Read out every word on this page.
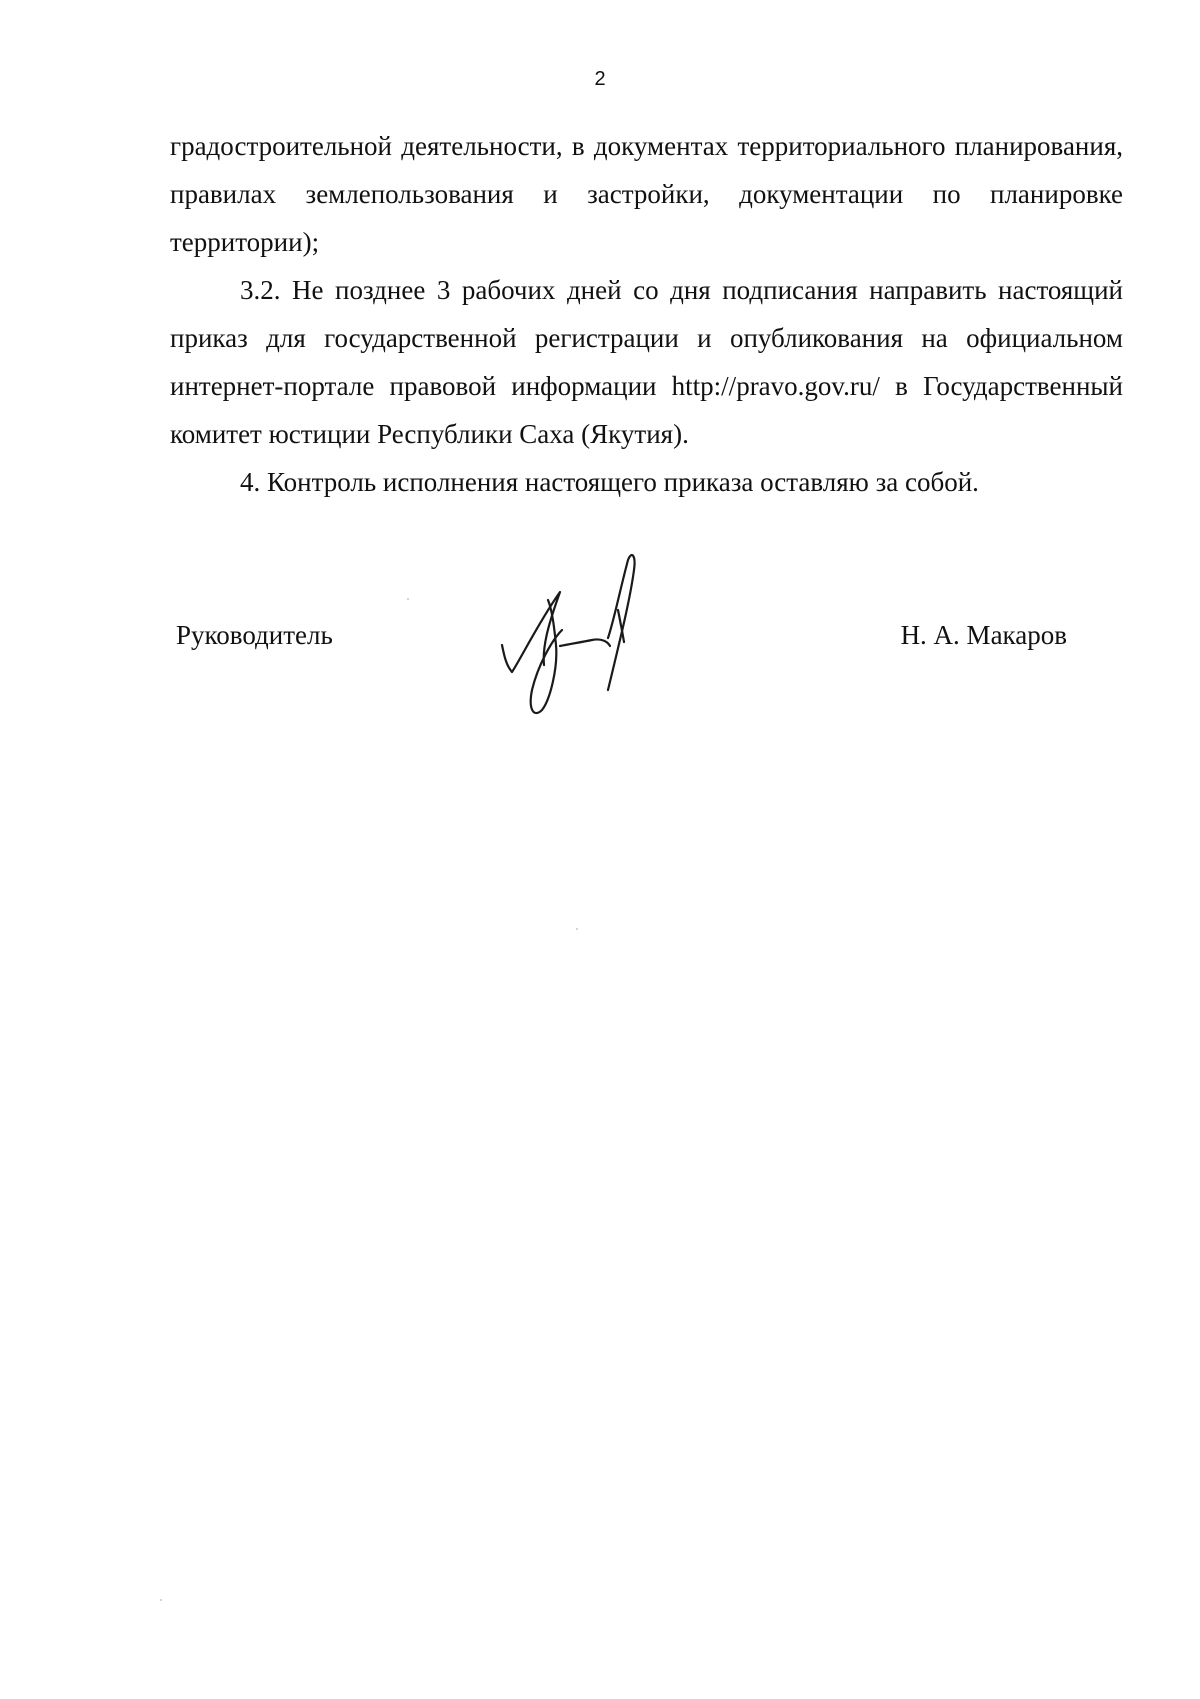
2

градостроительной деятельности, в документах территориального планирования, правилах землепользования и застройки, документации по планировке территории);

3.2. Не позднее 3 рабочих дней со дня подписания направить настоящий приказ для государственной регистрации и опубликования на официальном интернет-портале правовой информации http://pravo.gov.ru/ в Государственный комитет юстиции Республики Саха (Якутия).

4. Контроль исполнения настоящего приказа оставляю за собой.

Руководитель	Н. А. Макаров
